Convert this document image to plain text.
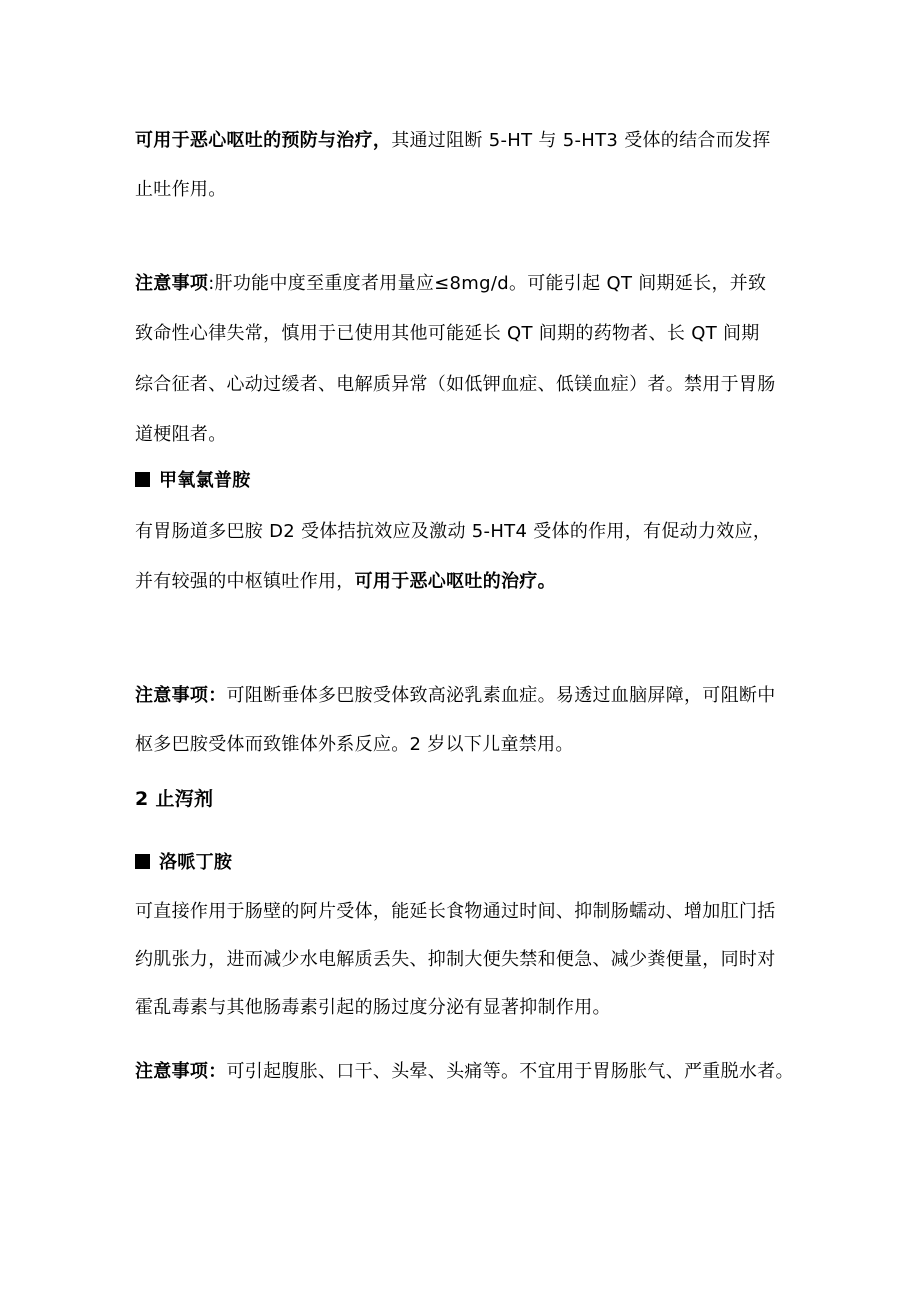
可用于恶心呕吐的预防与治疗，其通过阻断 5-HT 与 5-HT3 受体的结合而发挥
止吐作用。
注意事项:肝功能中度至重度者用量应≤8mg/d。可能引起 QT 间期延长，并致
致命性心律失常，慎用于已使用其他可能延长 QT 间期的药物者、长 QT 间期
综合征者、心动过缓者、电解质异常（如低钾血症、低镁血症）者。禁用于胃肠
道梗阻者。
甲氧氯普胺
有胃肠道多巴胺 D2 受体拮抗效应及激动 5-HT4 受体的作用，有促动力效应，
并有较强的中枢镇吐作用，可用于恶心呕吐的治疗。
注意事项：可阻断垂体多巴胺受体致高泌乳素血症。易透过血脑屏障，可阻断中
枢多巴胺受体而致锥体外系反应。2 岁以下儿童禁用。
2 止泻剂
洛哌丁胺
可直接作用于肠壁的阿片受体，能延长食物通过时间、抑制肠蠕动、增加肛门括
约肌张力，进而减少水电解质丢失、抑制大便失禁和便急、减少粪便量，同时对
霍乱毒素与其他肠毒素引起的肠过度分泌有显著抑制作用。
注意事项：可引起腹胀、口干、头晕、头痛等。不宜用于胃肠胀气、严重脱水者。
